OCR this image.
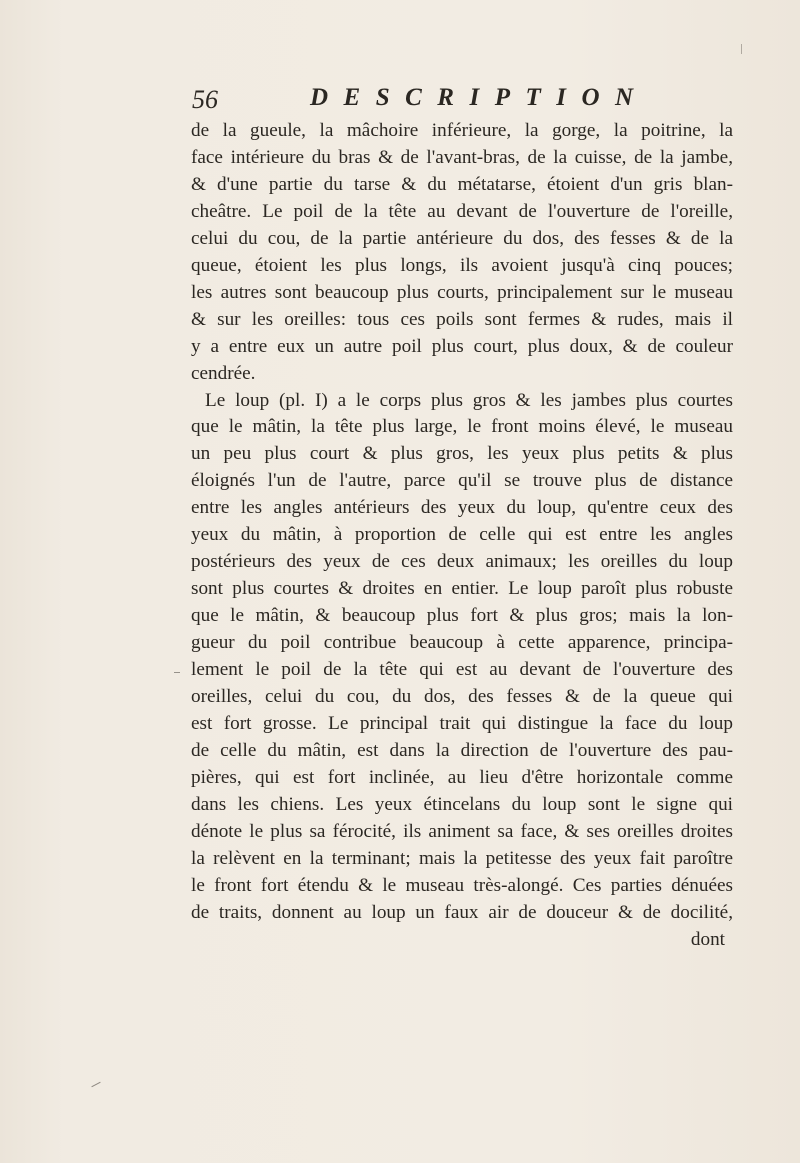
56	DESCRIPTION
de la gueule, la mâchoire inférieure, la gorge, la poitrine, la
face intérieure du bras & de l'avant-bras, de la cuisse, de la jambe,
& d'une partie du tarse & du métatarse, étoient d'un gris blan-
cheâtre. Le poil de la tête au devant de l'ouverture de l'oreille,
celui du cou, de la partie antérieure du dos, des fesses & de la
queue, étoient les plus longs, ils avoient jusqu'à cinq pouces;
les autres sont beaucoup plus courts, principalement sur le museau
& sur les oreilles: tous ces poils sont fermes & rudes, mais il
y a entre eux un autre poil plus court, plus doux, & de couleur
cendrée.
Le loup (pl. I) a le corps plus gros & les jambes plus courtes
que le mâtin, la tête plus large, le front moins élevé, le museau
un peu plus court & plus gros, les yeux plus petits & plus
éloignés l'un de l'autre, parce qu'il se trouve plus de distance
entre les angles antérieurs des yeux du loup, qu'entre ceux des
yeux du mâtin, à proportion de celle qui est entre les angles
postérieurs des yeux de ces deux animaux; les oreilles du loup
sont plus courtes & droites en entier. Le loup paroît plus robuste
que le mâtin, & beaucoup plus fort & plus gros; mais la lon-
gueur du poil contribue beaucoup à cette apparence, principa-
lement le poil de la tête qui est au devant de l'ouverture des
oreilles, celui du cou, du dos, des fesses & de la queue qui
est fort grosse. Le principal trait qui distingue la face du loup
de celle du mâtin, est dans la direction de l'ouverture des pau-
pières, qui est fort inclinée, au lieu d'être horizontale comme
dans les chiens. Les yeux étincelans du loup sont le signe qui
dénote le plus sa férocité, ils animent sa face, & ses oreilles droites
la relèvent en la terminant; mais la petitesse des yeux fait paroître
le front fort étendu & le museau très-alongé. Ces parties dénuées
de traits, donnent au loup un faux air de douceur & de docilité,
dont
